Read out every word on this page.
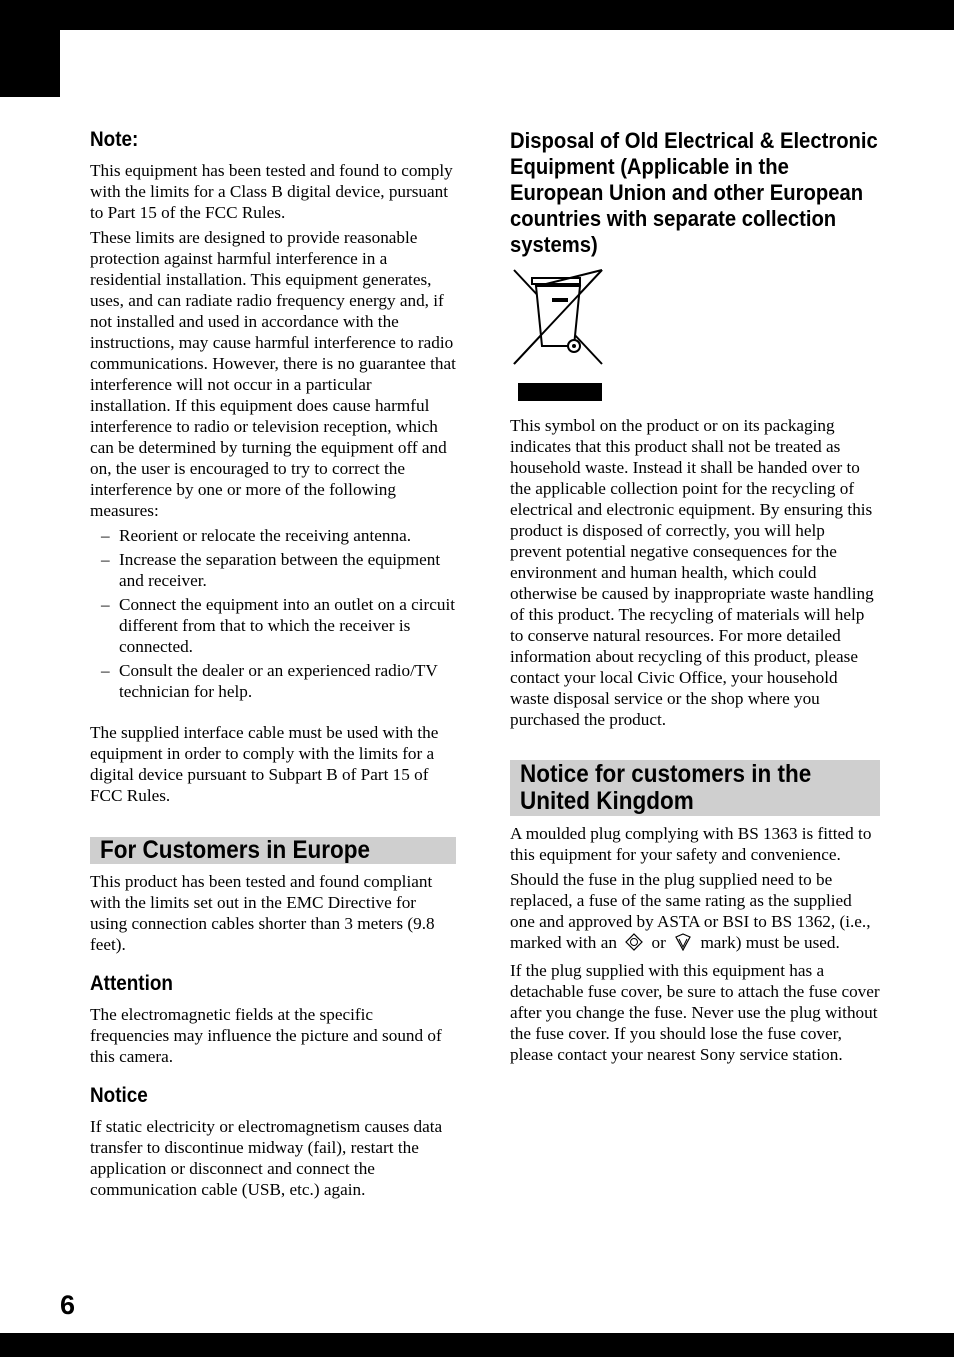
Note:

This equipment has been tested and found to comply with the limits for a Class B digital device, pursuant to Part 15 of the FCC Rules.

These limits are designed to provide reasonable protection against harmful interference in a residential installation. This equipment generates, uses, and can radiate radio frequency energy and, if not installed and used in accordance with the instructions, may cause harmful interference to radio communications. However, there is no guarantee that interference will not occur in a particular installation. If this equipment does cause harmful interference to radio or television reception, which can be determined by turning the equipment off and on, the user is encouraged to try to correct the interference by one or more of the following measures:

– Reorient or relocate the receiving antenna.
– Increase the separation between the equipment and receiver.
– Connect the equipment into an outlet on a circuit different from that to which the receiver is connected.
– Consult the dealer or an experienced radio/TV technician for help.

The supplied interface cable must be used with the equipment in order to comply with the limits for a digital device pursuant to Subpart B of Part 15 of FCC Rules.

For Customers in Europe

This product has been tested and found compliant with the limits set out in the EMC Directive for using connection cables shorter than 3 meters (9.8 feet).

Attention

The electromagnetic fields at the specific frequencies may influence the picture and sound of this camera.

Notice

If static electricity or electromagnetism causes data transfer to discontinue midway (fail), restart the application or disconnect and connect the communication cable (USB, etc.) again.

Disposal of Old Electrical & Electronic Equipment (Applicable in the European Union and other European countries with separate collection systems)

This symbol on the product or on its packaging indicates that this product shall not be treated as household waste. Instead it shall be handed over to the applicable collection point for the recycling of electrical and electronic equipment. By ensuring this product is disposed of correctly, you will help prevent potential negative consequences for the environment and human health, which could otherwise be caused by inappropriate waste handling of this product. The recycling of materials will help to conserve natural resources. For more detailed information about recycling of this product, please contact your local Civic Office, your household waste disposal service or the shop where you purchased the product.

Notice for customers in the United Kingdom

A moulded plug complying with BS 1363 is fitted to this equipment for your safety and convenience.

Should the fuse in the plug supplied need to be replaced, a fuse of the same rating as the supplied one and approved by ASTA or BSI to BS 1362, (i.e., marked with an or mark) must be used.

If the plug supplied with this equipment has a detachable fuse cover, be sure to attach the fuse cover after you change the fuse. Never use the plug without the fuse cover. If you should lose the fuse cover, please contact your nearest Sony service station.

6
